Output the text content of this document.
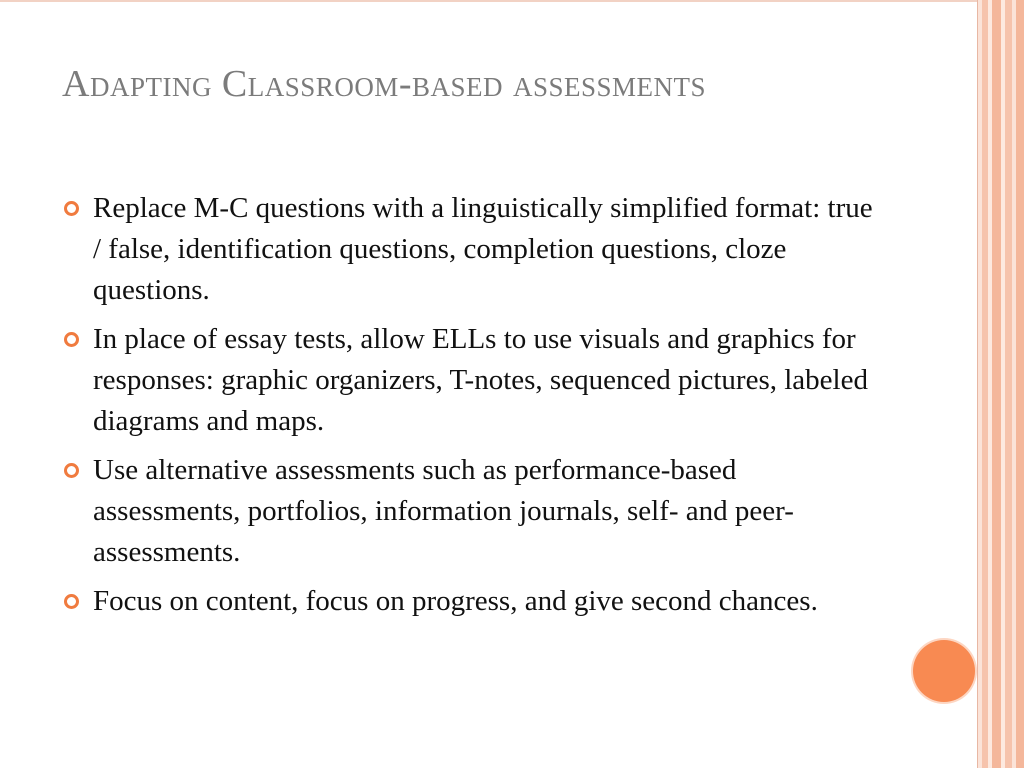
Adapting Classroom-based assessments
Replace M-C questions with a linguistically simplified format: true / false, identification questions, completion questions, cloze questions.
In place of essay tests, allow ELLs to use visuals and graphics for responses: graphic organizers, T-notes, sequenced pictures, labeled diagrams and maps.
Use alternative assessments such as performance-based assessments, portfolios, information journals, self- and peer-assessments.
Focus on content, focus on progress, and give second chances.
